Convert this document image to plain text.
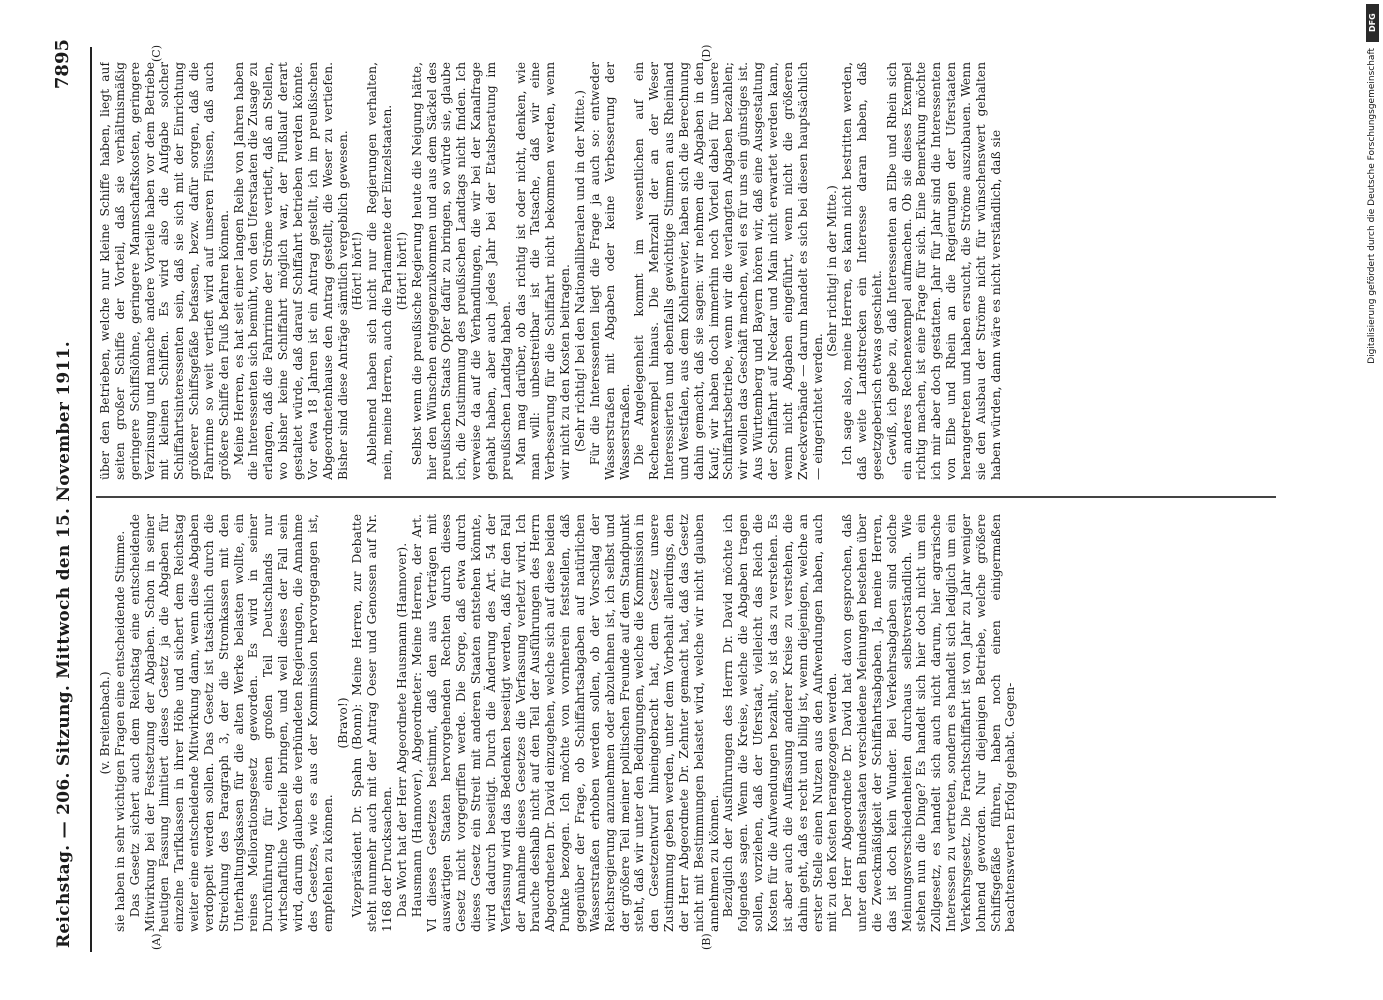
Reichstag. — 206. Sitzung. Mittwoch den 15. November 1911.
7895
(A)	(B)
(C)	(D)

(v. Breitenbach.) sie haben in sehr wichtigen Fragen eine entscheidende Stimme. Das Gesetz sichert auch dem Reichstag eine entscheidende Mitwirkung bei der Festsetzung der Abgaben. Schon in seiner heutigen Fassung limitiert dieses Gesetz ja die Abgaben für einzelne Tarifklassen in ihrer Höhe und sichert dem Reichstag weiter eine entscheidende Mitwirkung dann, wenn diese Abgaben verdoppelt werden sollen. Das Gesetz ist tatsächlich durch die Streichung des Paragraph 3, der die Stromkassen mit den Unterhaltungskassen für die alten Werke belasten wollte, ein reines Meliorationsgesetz geworden. Es wird in seiner Durchführung für einen großen Teil Deutschlands nur wirtschaftliche Vorteile bringen, und weil dieses der Fall sein wird, darum glauben die verbündeten Regierungen, die Annahme des Gesetzes, wie es aus der Kommission hervorgegangen ist, empfehlen zu können.

(Bravo!) Vizepräsident Dr. Spahn (Bonn): Meine Herren, zur Debatte steht nunmehr auch mit der Antrag Oeser und Genossen auf Nr. 1168 der Drucksachen. Das Wort hat der Herr Abgeordnete Hausmann (Hannover). Hausmann (Hannover), Abgeordneter: Meine Herren, der Art. VI dieses Gesetzes bestimmt, daß den aus Verträgen mit auswärtigen Staaten hervorgehenden Rechten durch dieses Gesetz nicht vorgegriffen werde. Die Sorge, daß etwa durch dieses Gesetz ein Streit mit anderen Staaten entstehen könnte, wird dadurch beseitigt. Durch die Änderung des Art. 54 der Verfassung wird das Bedenken beseitigt werden, daß für den Fall der Annahme dieses Gesetzes die Verfassung verletzt wird. Ich brauche deshalb nicht auf den Teil der Ausführungen des Herrn Abgeordneten Dr. David einzugehen, welche sich auf diese beiden Punkte bezogen. Ich möchte von vornherein feststellen, daß gegenüber der Frage, ob Schiffahrtsabgaben auf natürlichen Wasserstraßen erhoben werden sollen, ob der Vorschlag der Reichsregierung anzunehmen oder abzulehnen ist, ich selbst und der größere Teil meiner politischen Freunde auf dem Standpunkt steht, daß wir unter den Bedingungen, welche die Kommission in den Gesetzentwurf hineingebracht hat, dem Gesetz unsere Zustimmung geben werden, unter dem Vorbehalt allerdings, den der Herr Abgeordnete Dr. Zehnter gemacht hat, daß das Gesetz nicht mit Bestimmungen belastet wird, welche wir nicht glauben annehmen zu können. Bezüglich der Ausführungen des Herrn Dr. David möchte ich folgendes sagen. Wenn die Kreise, welche die Abgaben tragen sollen, vorziehen, daß der Uferstaat, vielleicht das Reich die Kosten für die Aufwendungen bezahlt, so ist das zu verstehen. Es ist aber auch die Auffassung anderer Kreise zu verstehen, die dahin geht, daß es recht und billig ist, wenn diejenigen, welche an erster Stelle einen Nutzen aus den Aufwendungen haben, auch mit zu den Kosten herangezogen werden. Der Herr Abgeordnete Dr. David hat davon gesprochen, daß unter den Bundesstaaten verschiedene Meinungen bestehen über die Zweckmäßigkeit der Schiffahrtsabgaben. Ja, meine Herren, das ist doch kein Wunder. Bei Verkehrsabgaben sind solche Meinungsverschiedenheiten durchaus selbstverständlich. Wie stehen nun die Dinge? Es handelt sich hier doch nicht um ein Zollgesetz, es handelt sich auch nicht darum, hier agrarische Interessen zu vertreten, sondern es handelt sich lediglich um ein Verkehrsgesetz. Die Frachtschiffahrt ist von Jahr zu Jahr weniger lohnend geworden. Nur diejenigen Betriebe, welche größere Schiffsgefäße führen, haben noch einen einigermaßen beachtenswerten Erfolg gehabt. Gegen-

über den Betrieben, welche nur kleine Schiffe haben, liegt auf seiten großer Schiffe der Vorteil, daß sie verhältnismäßig geringere Schiffslöhne, geringere Mannschaftskosten, geringere Verzinsung und manche andere Vorteile haben vor dem Betriebe mit kleinen Schiffen. Es wird also die Aufgabe solcher Schiffahrtsinteressenten sein, daß sie sich mit der Einrichtung größerer Schiffsgefäße befassen, bezw. dafür sorgen, daß die Fahrrinne so weit vertieft wird auf unseren Flüssen, daß auch größere Schiffe den Fluß befahren können. Meine Herren, es hat seit einer langen Reihe von Jahren haben die Interessenten sich bemüht, von den Uferstaaten die Zusage zu erlangen, daß die Fahrrinne der Ströme vertieft, daß an Stellen, wo bisher keine Schiffahrt möglich war, der Flußlauf derart gestaltet würde, daß darauf Schiffahrt betrieben werden könnte. Vor etwa 18 Jahren ist ein Antrag gestellt, ich im preußischen Abgeordnetenhause den Antrag gestellt, die Weser zu vertiefen. Bisher sind diese Anträge sämtlich vergeblich gewesen. (Hört! hört!) Ablehnend haben sich nicht nur die Regierungen verhalten, nein, meine Herren, auch die Parlamente der Einzelstaaten. (Hört! hört!) Selbst wenn die preußische Regierung heute die Neigung hätte, hier den Wünschen entgegenzukommen und aus dem Säckel des preußischen Staats Opfer dafür zu bringen, so würde sie, glaube ich, die Zustimmung des preußischen Landtags nicht finden. Ich verweise da auf die Verhandlungen, die wir bei der Kanalfrage gehabt haben, aber auch jedes Jahr bei der Etatsberatung im preußischen Landtag haben. Man mag darüber, ob das richtig ist oder nicht, denken, wie man will: unbestreitbar ist die Tatsache, daß wir eine Verbesserung für die Schiffahrt nicht bekommen werden, wenn wir nicht zu den Kosten beitragen. (Sehr richtig! bei den Nationalliberalen und in der Mitte.) Für die Interessenten liegt die Frage ja auch so: entweder Wasserstraßen mit Abgaben oder keine Verbesserung der Wasserstraßen. Die Angelegenheit kommt im wesentlichen auf ein Rechenexempel hinaus. Die Mehrzahl der an der Weser Interessierten und ebenfalls gewichtige Stimmen aus Rheinland und Westfalen, aus dem Kohlenrevier, haben sich die Berechnung dahin gemacht, daß sie sagen: wir nehmen die Abgaben in den Kauf; wir haben doch immerhin noch Vorteil dabei für unsere Schiffahrtsbetriebe, wenn wir die verlangten Abgaben bezahlen; wir wollen das Geschäft machen, weil es für uns ein günstiges ist. Aus Württemberg und Bayern hören wir, daß eine Ausgestaltung der Schiffahrt auf Neckar und Main nicht erwartet werden kann, wenn nicht Abgaben eingeführt, wenn nicht die größeren Zweckverbände — darum handelt es sich bei diesen hauptsächlich — eingerichtet werden.

(Sehr richtig! in der Mitte.) Ich sage also, meine Herren, es kann nicht bestritten werden, daß weite Landstrecken ein Interesse daran haben, daß gesetzgeberisch etwas geschieht. Gewiß, ich gebe zu, daß Interessenten an Elbe und Rhein sich ein anderes Rechenexempel aufmachen. Ob sie dieses Exempel richtig machen, ist eine Frage für sich. Eine Bemerkung möchte ich mir aber doch gestatten. Jahr für Jahr sind die Interessenten von Elbe und Rhein an die Regierungen der Uferstaaten herangetreten und haben ersucht, die Ströme auszubauen. Wenn sie den Ausbau der Ströme nicht für wünschenswert gehalten haben würden, dann wäre es nicht verständlich, daß sie

DFG
Digitalisierung gefördert durch die Deutsche Forschungsgemeinschaft
